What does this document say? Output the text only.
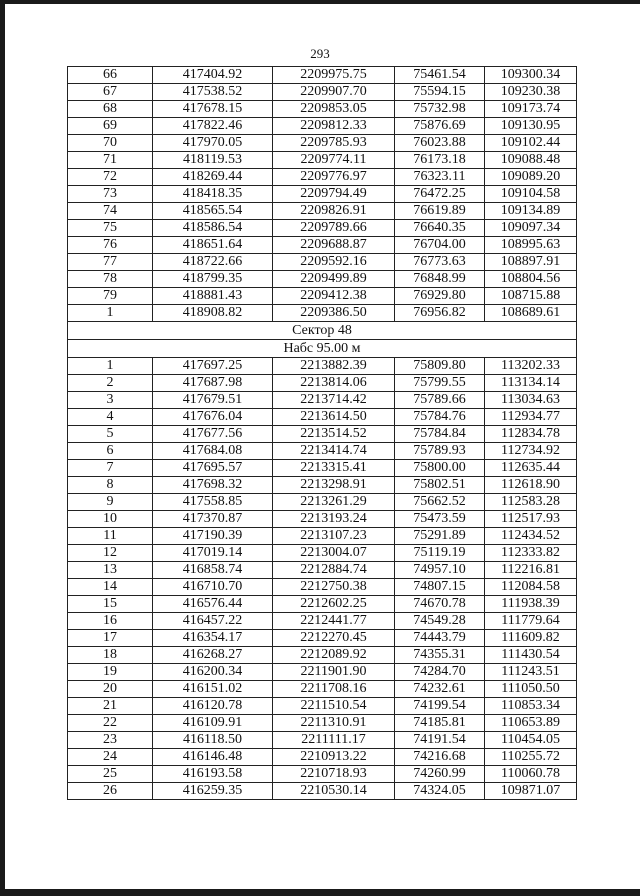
293
66	417404.92	2209975.75	75461.54	109300.34
67	417538.52	2209907.70	75594.15	109230.38
68	417678.15	2209853.05	75732.98	109173.74
69	417822.46	2209812.33	75876.69	109130.95
70	417970.05	2209785.93	76023.88	109102.44
71	418119.53	2209774.11	76173.18	109088.48
72	418269.44	2209776.97	76323.11	109089.20
73	418418.35	2209794.49	76472.25	109104.58
74	418565.54	2209826.91	76619.89	109134.89
75	418586.54	2209789.66	76640.35	109097.34
76	418651.64	2209688.87	76704.00	108995.63
77	418722.66	2209592.16	76773.63	108897.91
78	418799.35	2209499.89	76848.99	108804.56
79	418881.43	2209412.38	76929.80	108715.88
1	418908.82	2209386.50	76956.82	108689.61
Сектор 48				
Набс 95.00 м				
1	417697.25	2213882.39	75809.80	113202.33
2	417687.98	2213814.06	75799.55	113134.14
3	417679.51	2213714.42	75789.66	113034.63
4	417676.04	2213614.50	75784.76	112934.77
5	417677.56	2213514.52	75784.84	112834.78
6	417684.08	2213414.74	75789.93	112734.92
7	417695.57	2213315.41	75800.00	112635.44
8	417698.32	2213298.91	75802.51	112618.90
9	417558.85	2213261.29	75662.52	112583.28
10	417370.87	2213193.24	75473.59	112517.93
11	417190.39	2213107.23	75291.89	112434.52
12	417019.14	2213004.07	75119.19	112333.82
13	416858.74	2212884.74	74957.10	112216.81
14	416710.70	2212750.38	74807.15	112084.58
15	416576.44	2212602.25	74670.78	111938.39
16	416457.22	2212441.77	74549.28	111779.64
17	416354.17	2212270.45	74443.79	111609.82
18	416268.27	2212089.92	74355.31	111430.54
19	416200.34	2211901.90	74284.70	111243.51
20	416151.02	2211708.16	74232.61	111050.50
21	416120.78	2211510.54	74199.54	110853.34
22	416109.91	2211310.91	74185.81	110653.89
23	416118.50	2211111.17	74191.54	110454.05
24	416146.48	2210913.22	74216.68	110255.72
25	416193.58	2210718.93	74260.99	110060.78
26	416259.35	2210530.14	74324.05	109871.07
